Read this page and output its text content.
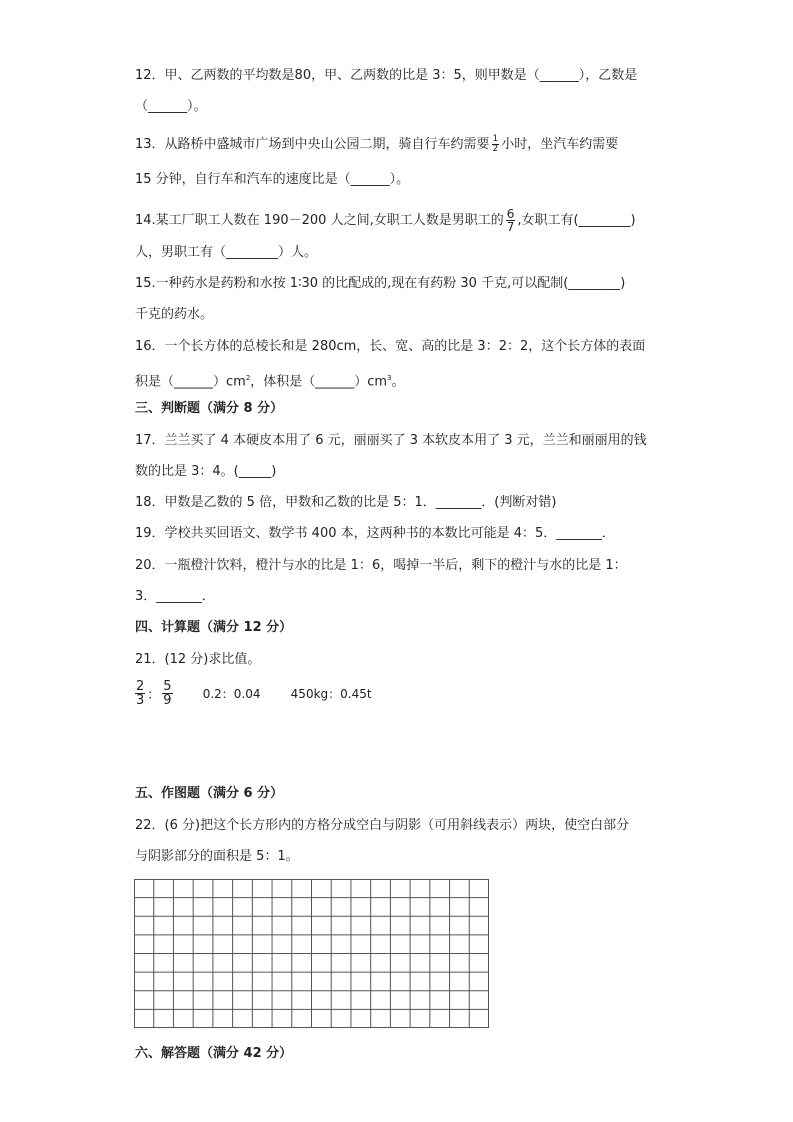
12．甲、乙两数的平均数是80，甲、乙两数的比是 3：5，则甲数是（______），乙数是
（______）。
13．从路桥中盛城市广场到中央山公园二期，骑自行车约需要 $\frac{1}{2}$ 小时，坐汽车约需要
15 分钟，自行车和汽车的速度比是（______）。
14.某工厂职工人数在 190－200 人之间,女职工人数是男职工的 $\frac{6}{7}$ ,女职工有(________)
人，男职工有（________）人。
15.一种药水是药粉和水按 1∶30 的比配成的,现在有药粉 30 千克,可以配制(________)
千克的药水。
16．一个长方体的总棱长和是 280cm，长、宽、高的比是 3：2：2，这个长方体的表面
积是$(\_\_\_\_\_\_)cm^2$，体积是$(\_\_\_\_\_\_)cm^3$。
三、判断题（满分 8 分）
17．兰兰买了 4 本硬皮本用了 6 元，丽丽买了 3 本软皮本用了 3 元，兰兰和丽丽用的钱
数的比是 3：4。(_____)
18．甲数是乙数的 5 倍，甲数和乙数的比是 5：1．_______．(判断对错)
19．学校共买回语文、数学书 400 本，这两种书的本数比可能是 4：5．_______．
20．一瓶橙汁饮料，橙汁与水的比是 1：6，喝掉一半后，剩下的橙汁与水的比是 1：
3．_______．
四、计算题（满分 12 分）
21．(12 分)求比值。
$\frac{2}{3}$ ： $\frac{5}{9}$	0.2：0.04	450kg：0.45t
五、作图题（满分 6 分）
22．(6 分)把这个长方形内的方格分成空白与阴影（可用斜线表示）两块，使空白部分
与阴影部分的面积是 5：1。
六、解答题（满分 42 分）
